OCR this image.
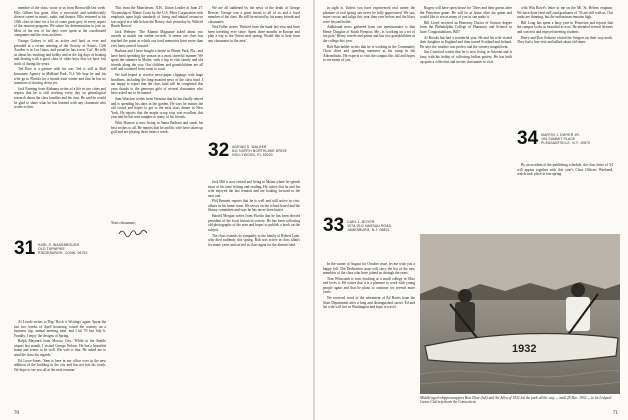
member of the class, wrote to us from Bronxville last week. Ellis Gilbert has gone. After a successful and unbelievably diverse career in music, radio, and theatre, Ellis returned to his 1926 class in time for a lot of some great grey in every aspect of the reunion program. We salute his determination to join us. Most of the rest of his days were spent at the coordinated companies and the class archives.

George Gafney is still as active and hard as ever and presided at a recent meeting of the Society of Sonics. Cliff Ausiber is in Los Gatos, and proud he has a new 'Cat'. He tells us about his teaching and hobby and in the big days of boating and driving with a good class of older boys that we have lost track of during the years.

Ted Rice is a partner with his son. Ted is still at Ruff Insurance Agency in Midland Park, N.J. We hear he and his wife go to Florida for a month each winter and that he has no intention of slowing down yet.

Jack Fanning from Alabama writes of a life in two cities and reports that he is still working every day on genealogical research about the class families and his own. He said he would be glad to share what he has learned with any classmate who writes to him.

31 KARL S. WASSBROUGH
OLD TURNPIKE
RIDGEBURGH, CONN. 06752

Al Lowde writes to 'Rip,' Rock 'n Writings' again. Spent the last two weeks of April bouncing 'round the country on a business trip, annual meeting time, and I hit 70 last July 6. Frankly, I enjoy the designs of Spring.

Ralph Maynard from Mexico City: 'While in the Seattle airport last month, I visited George Nelson. He has a beautiful home and seems to be well. His wife is fine. He asked me to send the class his regards.'

Ed Lowe-Jones: 'Sam is here in my office over in the new addition of the building in the city and has not lost his touch. We hope to see you all at the next reunion.'

This from the Manchester, N.H., Union Leader of June 27: 'Ownership of Maine Coast by the U.S. Fiber Corporation with emphasis upon high standards of living and natural resources was urged in a talk before the Rotary club yesterday by Wilfred Beach Brown.'

Jack Webster: 'The Alumni Magazine asked about two awards to match our earlier records. It seems our class has reached the point at which our fond memories have more than ever been carried forward.'

Barbara and I have bought a house in Winter Park, Fla., and have been spending the season in a most cheerful manner. We spent the summer in Maine, with a trip to visit family and old friends along the way. Our children and grandchildren are all well and scattered from coast to coast.

We had hoped to receive news-paper clippings with huge headlines, including the long-awaited news of the class fund. I am happy to report that the class fund will be completed this year, thanks to the generous gifts of several classmates who have asked not to be named.

Sam Winslow writes from Vermont that he has finally retired and is spending his days in the garden. He says he misses the old crowd and hopes to get to the next class dinner in New York. He reports that the maple syrup crop was excellent this year and he has sent samples to many of his friends.

Whit Hanson is now living in Santa Barbara and sends his best wishes to all. He reports that he and his wife have taken up golf and are playing three times a week.

We are all saddened by the news of the death of George Brewer. George was a great friend to all of us and a loyal member of the class. He will be missed by his many friends and classmates.

Ned Fuller writes: 'Retired from the bank last year and have been traveling ever since. Spent three months in Europe and plan a trip to the Orient next spring. Would like to hear from any classmates in the area.'

32 ADRIAN S. WALKER
811 NORTH NORTHLAKE DRIVE
HOLLYWOOD, FL 33020

Jack Hill is now retired and living in Maine where he spends most of his time fishing and reading. He writes that he and his wife enjoyed the last reunion and are looking forward to the next one.

Phil Bennett reports that he is well and still active in civic affairs in his home town. He serves on the school board and the library committee and says he has never been busier.

Harold Morgan writes from Florida that he has been elected president of the local historical society. He has been collecting old photographs of the area and hopes to publish a book on the subject.

The class extends its sympathy to the family of Robert Lane, who died suddenly this spring. Bob was active in class affairs for many years and served as class agent for the alumni fund.

70

in sight is. Unless you have experienced real winter the pleasure of real spring can never be fully appreciated. We saw more crocus and tulips this year than ever before and the lilacs were beyond belief.

Additional news gathered from our questionnaire is that Henry Douglas of South Freeport, Me., is 'working on a set of ten pots.' Henry travels and paints and has two grandchildren at the college this year.

Bob Batchelder writes that he is working in the Community Chest drive and spending summers at his camp in the Adirondacks. He expects to visit the campus this fall and hopes to see many of you.

33 CARL L. BOYER
157A OLD NASSAU ROAD
JAMESBURG, N.J. 08831

In the winter of August for October issue, let me wish you a happy fall. The Dedication issue will carry the list of the new members of the class who have joined us through the years.

Tom Whitcomb is now teaching at a small college in Ohio and loves it. He writes that it is a pleasure to work with young people again and that he plans to continue for several more years.

We received word of the retirement of Ed Harris from the State Department after a long and distinguished career. Ed and his wife will live in Washington and hope to travel.

Rogers will have open house for '33ers and their guests after the Princeton game. He will be at home after the game and would like to see as many of you as can make it.

Bill Lloyd received an Honorary Doctor of Science degree from the Philadelphia College of Pharmacy and Science in June. Congratulations, Bill!

Al Brooks has had a wonderful year. He and his wife visited their daughter in England and then toured Scotland and Ireland. He says the weather was perfect and the scenery magnificent.

Jim Crawford writes that he is now living in Arizona and is busy with his hobby of collecting Indian pottery. He has built up quite a collection and invites classmates to visit.

with Win Rowe's letter to me on the Mt. St. Helens eruption. We have done (and will) and graduates of '33 are still with us. Our ranks are thinning, but the enthusiasm remains high.

Bill Long has spent a busy year in Princeton and reports that the campus looks as beautiful as ever. He attended several lectures and concerts and enjoyed meeting students.

Harry and Don Osborne visited the Stiegers on their way north. They had a fine visit and talked about old times.

34 MARTIN J. DWYER JR.
106 SUMMIT PLACE
PLEASANTVILLE, N.Y. 10570

By an accident of the publishing schedule, the class letter of '34 will appear together with this year's Class Officers Weekend, which took place in late spring.

1932
Middle-aged whippersnappers Bow Dove (left) and Art Allen of 1932 led the pack all the way — until 29 Dec. 1932 — to let Ledyard Canoe Club trip down the Connecticut.
71
Your classmate,
